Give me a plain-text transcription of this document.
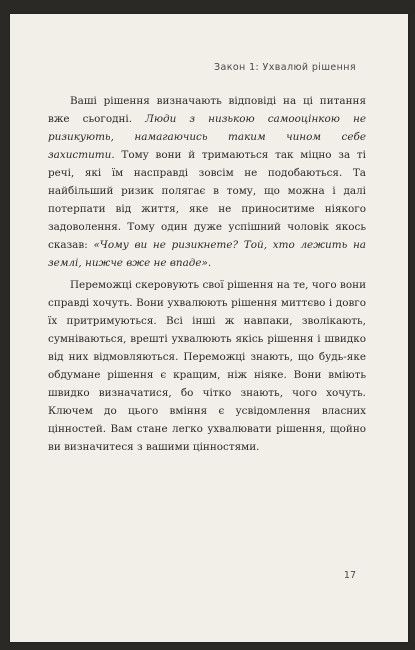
Закон 1: Ухвалюй рішення

Ваші рішення визначають відповіді на ці питання вже сьогодні. Люди з низькою самооцінкою не ризикують, намагаючись таким чином себе захистити. Тому вони й тримаються так міцно за ті речі, які їм насправді зовсім не подобаються. Та найбільший ризик полягає в тому, що можна і далі потерпати від життя, яке не приноситиме ніякого задоволення. Тому один дуже успішний чоловік якось сказав: «Чому ви не ризикнете? Той, хто лежить на землі, нижче вже не впаде».

Переможці скеровують свої рішення на те, чого вони справді хочуть. Вони ухвалюють рішення миттєво і довго їх притримуються. Всі інші ж навпаки, зволікають, сумніваються, врешті ухвалюють якісь рішення і швидко від них відмовляються. Переможці знають, що будь-яке обдумане рішення є кращим, ніж ніяке. Вони вміють швидко визначатися, бо чітко знають, чого хочуть. Ключем до цього вміння є усвідомлення власних цінностей. Вам стане легко ухвалювати рішення, щойно ви визначитеся з вашими цінностями.

17
